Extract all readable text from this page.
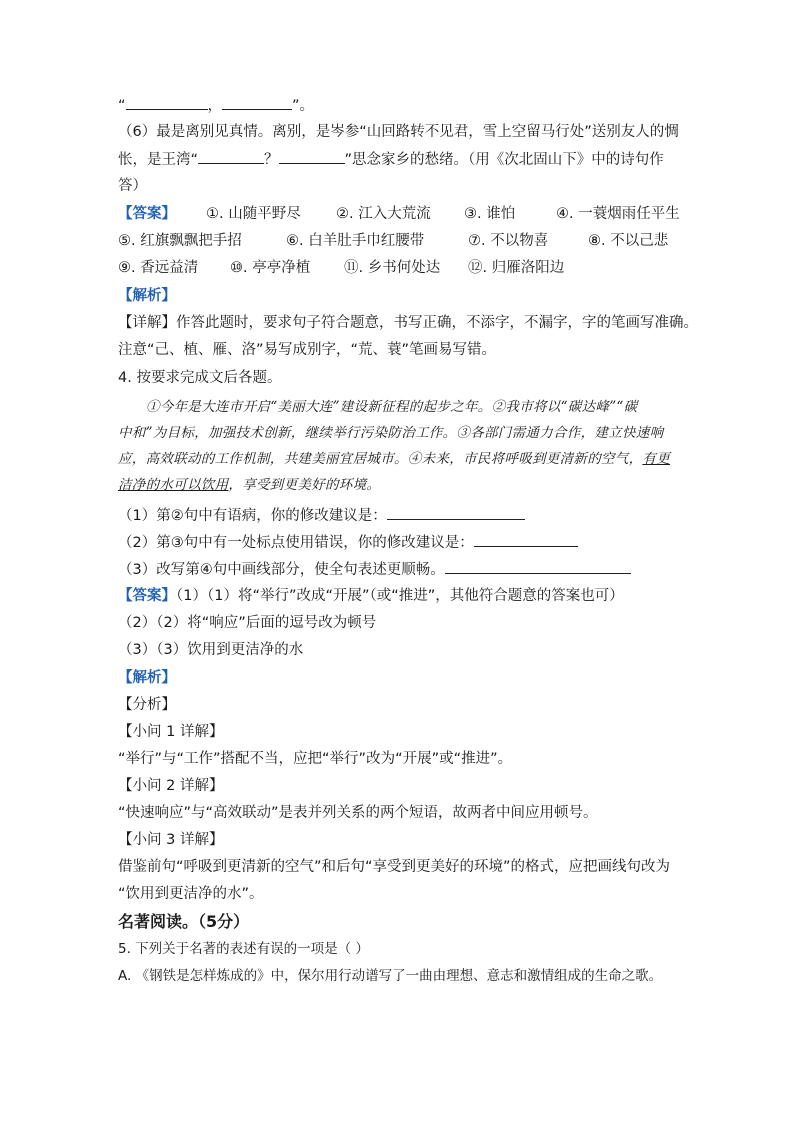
“	，	”。
（6）最是离别见真情。离别，是岑参“山回路转不见君，雪上空留马行处”送别友人的惆
怅，是王湾“	？	”思念家乡的愁绪。（用《次北固山下》中的诗句作
答）
【答案】 ①. 山随平野尽 ②. 江入大荒流 ③. 谁怕	④. 一蓑烟雨任平生
⑤. 红旗飘飘把手招	⑥. 白羊肚手巾红腰带	⑦. 不以物喜	⑧. 不以己悲
⑨. 香远益清 ⑩. 亭亭净植 ⑪. 乡书何处达 ⑫. 归雁洛阳边
【解析】
【详解】作答此题时，要求句子符合题意，书写正确，不添字，不漏字，字的笔画写准确。
注意“己、植、雁、洛”易写成别字，“荒、蓑”笔画易写错。
4. 按要求完成文后各题。
①今年是大连市开启“美丽大连”建设新征程的起步之年。②我市将以“碳达峰”“碳
中和”为目标，加强技术创新，继续举行污染防治工作。③各部门需通力合作，建立快速响
应，高效联动的工作机制，共建美丽宜居城市。④未来，市民将呼吸到更清新的空气，有更
洁净的水可以饮用，享受到更美好的环境。
（1）第②句中有语病，你的修改建议是：
（2）第③句中有一处标点使用错误，你的修改建议是：
（3）改写第④句中画线部分，使全句表述更顺畅。
【答案】（1）（1）将“举行”改成“开展”（或“推进”，其他符合题意的答案也可）
（2）（2）将“响应”后面的逗号改为顿号
（3）（3）饮用到更洁净的水
【解析】
【分析】
【小问 1 详解】
“举行”与“工作”搭配不当，应把“举行”改为“开展”或“推进”。
【小问 2 详解】
“快速响应”与“高效联动”是表并列关系的两个短语，故两者中间应用顿号。
【小问 3 详解】
借鉴前句“呼吸到更清新的空气”和后句“享受到更美好的环境”的格式，应把画线句改为
“饮用到更洁净的水”。
名著阅读。（5分）
5. 下列关于名著的表述有误的一项是（ ）
A. 《钢铁是怎样炼成的》中，保尔用行动谱写了一曲由理想、意志和激情组成的生命之歌。
